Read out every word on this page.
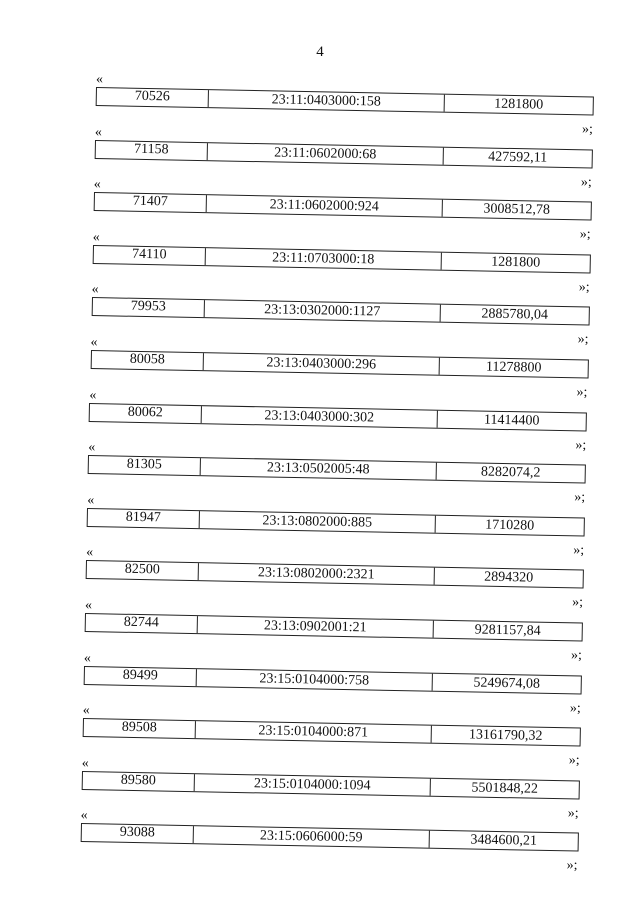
4
«
70526	23:11:0403000:158	1281800
»;
«
71158	23:11:0602000:68	427592,11
»;
«
71407	23:11:0602000:924	3008512,78
»;
«
74110	23:11:0703000:18	1281800
»;
«
79953	23:13:0302000:1127	2885780,04
»;
«
80058	23:13:0403000:296	11278800
»;
«
80062	23:13:0403000:302	11414400
»;
«
81305	23:13:0502005:48	8282074,2
»;
«
81947	23:13:0802000:885	1710280
»;
«
82500	23:13:0802000:2321	2894320
»;
«
82744	23:13:0902001:21	9281157,84
»;
«
89499	23:15:0104000:758	5249674,08
»;
«
89508	23:15:0104000:871	13161790,32
»;
«
89580	23:15:0104000:1094	5501848,22
»;
«
93088	23:15:0606000:59	3484600,21
»;
